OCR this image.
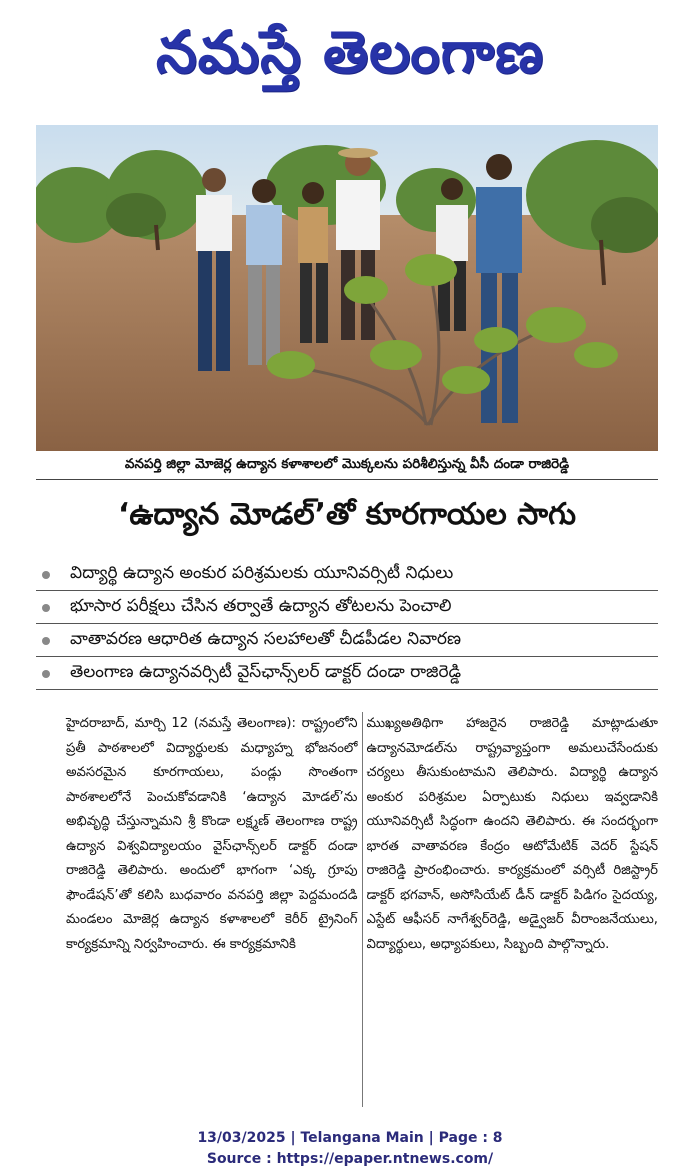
నమస్తే తెలంగాణ
వనపర్తి జిల్లా మోజెర్ల ఉద్యాన కళాశాలలో మొక్కలను పరిశీలిస్తున్న వీసీ దండా రాజిరెడ్డి
‘ఉద్యాన మోడల్’తో కూరగాయల సాగు
విద్యార్థి ఉద్యాన అంకుర పరిశ్రమలకు యూనివర్సిటీ నిధులు
భూసార పరీక్షలు చేసిన తర్వాతే ఉద్యాన తోటలను పెంచాలి
వాతావరణ ఆధారిత ఉద్యాన సలహాలతో చీడపీడల నివారణ
తెలంగాణ ఉద్యానవర్సిటీ వైస్‌ఛాన్స్‌లర్ డాక్టర్ దండా రాజిరెడ్డి
హైదరాబాద్, మార్చి 12 (నమస్తే తెలంగాణ): రాష్ట్రంలోని ప్రతీ పాఠశాలలో విద్యార్థులకు మధ్యాహ్న భోజనంలో అవసరమైన కూరగాయలు, పండ్లు సొంతంగా పాఠశాలలోనే పెంచుకోవడానికి ‘ఉద్యాన మోడల్’ను అభివృద్ధి చేస్తున్నామని శ్రీ కొండా లక్ష్మణ్ తెలంగాణ రాష్ట్ర ఉద్యాన విశ్వవిద్యాలయం వైస్‌ఛాన్స్‌లర్ డాక్టర్ దండా రాజిరెడ్డి తెలిపారు. అందులో భాగంగా ‘ఎక్క గ్రూపు ఫౌండేషన్’తో కలిసి బుధవారం వనపర్తి జిల్లా పెద్దమందడి మండలం మోజెర్ల ఉద్యాన కళాశాలలో కెరీర్ ట్రైనింగ్ కార్యక్రమాన్ని నిర్వహించారు. ఈ కార్యక్రమానికి
ముఖ్యఅతిథిగా హాజరైన రాజిరెడ్డి మాట్లాడుతూ ఉద్యానమోడల్‌ను రాష్ట్రవ్యాప్తంగా అమలుచేసేందుకు చర్యలు తీసుకుంటామని తెలిపారు. విద్యార్థి ఉద్యాన అంకుర పరిశ్రమల ఏర్పాటుకు నిధులు ఇవ్వడానికి యూనివర్సిటీ సిద్ధంగా ఉందని తెలిపారు. ఈ సందర్భంగా భారత వాతావరణ కేంద్రం ఆటోమేటిక్ వెదర్ స్టేషన్ రాజిరెడ్డి ప్రారంభించారు. కార్యక్రమంలో వర్సిటీ రిజిస్ట్రార్ డాక్టర్ భగవాన్, అసోసియేట్ డీన్ డాక్టర్ పిడిగం సైదయ్య, ఎస్టేట్ ఆఫీసర్ నాగేశ్వర్‌రెడ్డి, అడ్వైజర్ వీరాంజనేయులు, విద్యార్థులు, అధ్యాపకులు, సిబ్బంది పాల్గొన్నారు.
13/03/2025 | Telangana Main | Page : 8
Source : https://epaper.ntnews.com/
